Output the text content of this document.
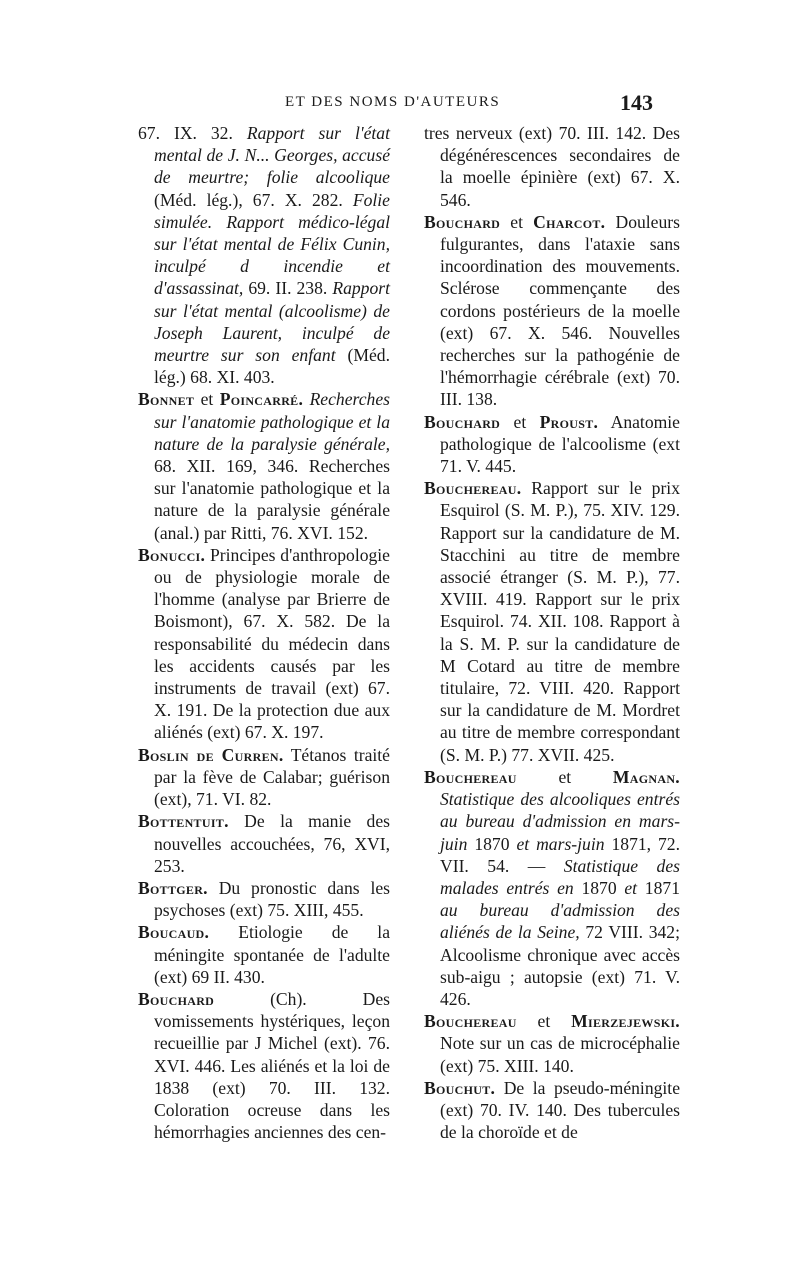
ET DES NOMS D'AUTEURS	143

67. IX. 32. Rapport sur l'état mental de J. N... Georges, accusé de meurtre; folie alcoolique (Méd. lég.), 67. X. 282. Folie simulée. Rapport médico-légal sur l'état mental de Félix Cunin, inculpé d incendie et d'assassinat, 69. II. 238. Rapport sur l'état mental (alcoolisme) de Joseph Laurent, inculpé de meurtre sur son enfant (Méd. lég.) 68. XI. 403.

Bonnet et Poincarré. Recherches sur l'anatomie pathologique et la nature de la paralysie générale, 68. XII. 169, 346. Recherches sur l'anatomie pathologique et la nature de la paralysie générale (anal.) par Ritti, 76. XVI. 152.

Bonucci. Principes d'anthropologie ou de physiologie morale de l'homme (analyse par Brierre de Boismont), 67. X. 582. De la responsabilité du médecin dans les accidents causés par les instruments de travail (ext) 67. X. 191. De la protection due aux aliénés (ext) 67. X. 197.

Boslin de Curren. Tétanos traité par la fève de Calabar; guérison (ext), 71. VI. 82.

Bottentuit. De la manie des nouvelles accouchées, 76, XVI, 253.

Bottger. Du pronostic dans les psychoses (ext) 75. XIII, 455.

Boucaud. Etiologie de la méningite spontanée de l'adulte (ext) 69 II. 430.

Bouchard (Ch). Des vomissements hystériques, leçon recueillie par J Michel (ext). 76. XVI. 446. Les aliénés et la loi de 1838 (ext) 70. III. 132. Coloration ocreuse dans les hémorrhagies anciennes des cen-

tres nerveux (ext) 70. III. 142. Des dégénérescences secondaires de la moelle épinière (ext) 67. X. 546.

Bouchard et Charcot. Douleurs fulgurantes, dans l'ataxie sans incoordination des mouvements. Sclérose commençante des cordons postérieurs de la moelle (ext) 67. X. 546. Nouvelles recherches sur la pathogénie de l'hémorrhagie cérébrale (ext) 70. III. 138.

Bouchard et Proust. Anatomie pathologique de l'alcoolisme (ext 71. V. 445.

Bouchereau. Rapport sur le prix Esquirol (S. M. P.), 75. XIV. 129. Rapport sur la candidature de M. Stacchini au titre de membre associé étranger (S. M. P.), 77. XVIII. 419. Rapport sur le prix Esquirol. 74. XII. 108. Rapport à la S. M. P. sur la candidature de M Cotard au titre de membre titulaire, 72. VIII. 420. Rapport sur la candidature de M. Mordret au titre de membre correspondant (S. M. P.) 77. XVII. 425.

Bouchereau et Magnan. Statistique des alcooliques entrés au bureau d'admission en mars-juin 1870 et mars-juin 1871, 72. VII. 54. — Statistique des malades entrés en 1870 et 1871 au bureau d'admission des aliénés de la Seine, 72 VIII. 342; Alcoolisme chronique avec accès sub-aigu ; autopsie (ext) 71. V. 426.

Bouchereau et Mierzejewski. Note sur un cas de microcéphalie (ext) 75. XIII. 140.

Bouchut. De la pseudo-méningite (ext) 70. IV. 140. Des tubercules de la choroïde et de
